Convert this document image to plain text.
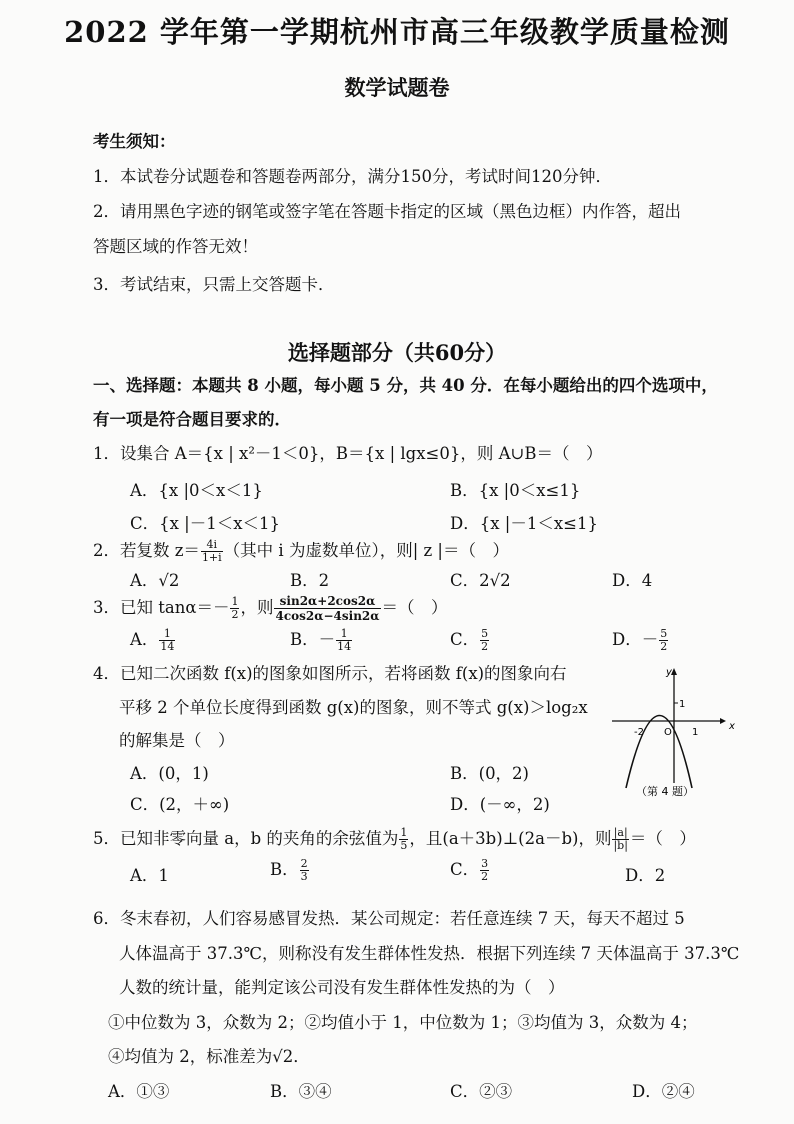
2022 学年第一学期杭州市高三年级教学质量检测
数学试题卷
考生须知：
1．本试卷分试题卷和答题卷两部分，满分150分，考试时间120分钟．
2．请用黑色字迹的钢笔或签字笔在答题卡指定的区域（黑色边框）内作答，超出
答题区域的作答无效！
3．考试结束，只需上交答题卡．
选择题部分（共60分）
一、选择题：本题共 8 小题，每小题 5 分，共 40 分．在每小题给出的四个选项中，
有一项是符合题目要求的．
1．设集合 A＝{x | x²－1＜0}，B＝{x | lgx≤0}，则 A∪B＝（　）
A．{x |0＜x＜1}	B．{x |0＜x≤1}
C．{x |－1＜x＜1}	D．{x |－1＜x≤1}
2．若复数 $z= \frac{4i}{1+i}$ （其中 i 为虚数单位），则| z |＝（　）
A．√2	B．2	C．2√2	D．4
3．已知 $\tan\alpha=- \frac{1}{2}$ ，则 $\frac{\sin 2\alpha+2\cos 2\alpha}{4\cos 2\alpha-4\sin 2\alpha}$ ＝（　）
A． $\frac{1}{14}$	B．－ $\frac{1}{14}$	C． $\frac{5}{2}$	D．－ $\frac{5}{2}$
4．已知二次函数 f(x)的图象如图所示，若将函数 f(x)的图象向右
平移 2 个单位长度得到函数 g(x)的图象，则不等式 g(x)＞log₂x
的解集是（　）
A．(0，1)	B．(0，2)
C．(2，＋∞)	D．(－∞，2)
y
x
-2 O 1
1
（第 4 题）
5．已知非零向量 a，b 的夹角的余弦值为 $\frac{1}{5}$ ，且(a＋3b)⊥(2a－b)，则 $\frac{|a|}{|b|}$ ＝（　）
A．1	B． $\frac{2}{3}$	C． $\frac{3}{2}$	D．2
6．冬末春初，人们容易感冒发热．某公司规定：若任意连续 7 天，每天不超过 5
人体温高于 37.3℃，则称没有发生群体性发热．根据下列连续 7 天体温高于 37.3℃
人数的统计量，能判定该公司没有发生群体性发热的为（　）
①中位数为 3，众数为 2；②均值小于 1，中位数为 1；③均值为 3，众数为 4；
④均值为 2，标准差为√2．
A．①③	B．③④	C．②③	D．②④
